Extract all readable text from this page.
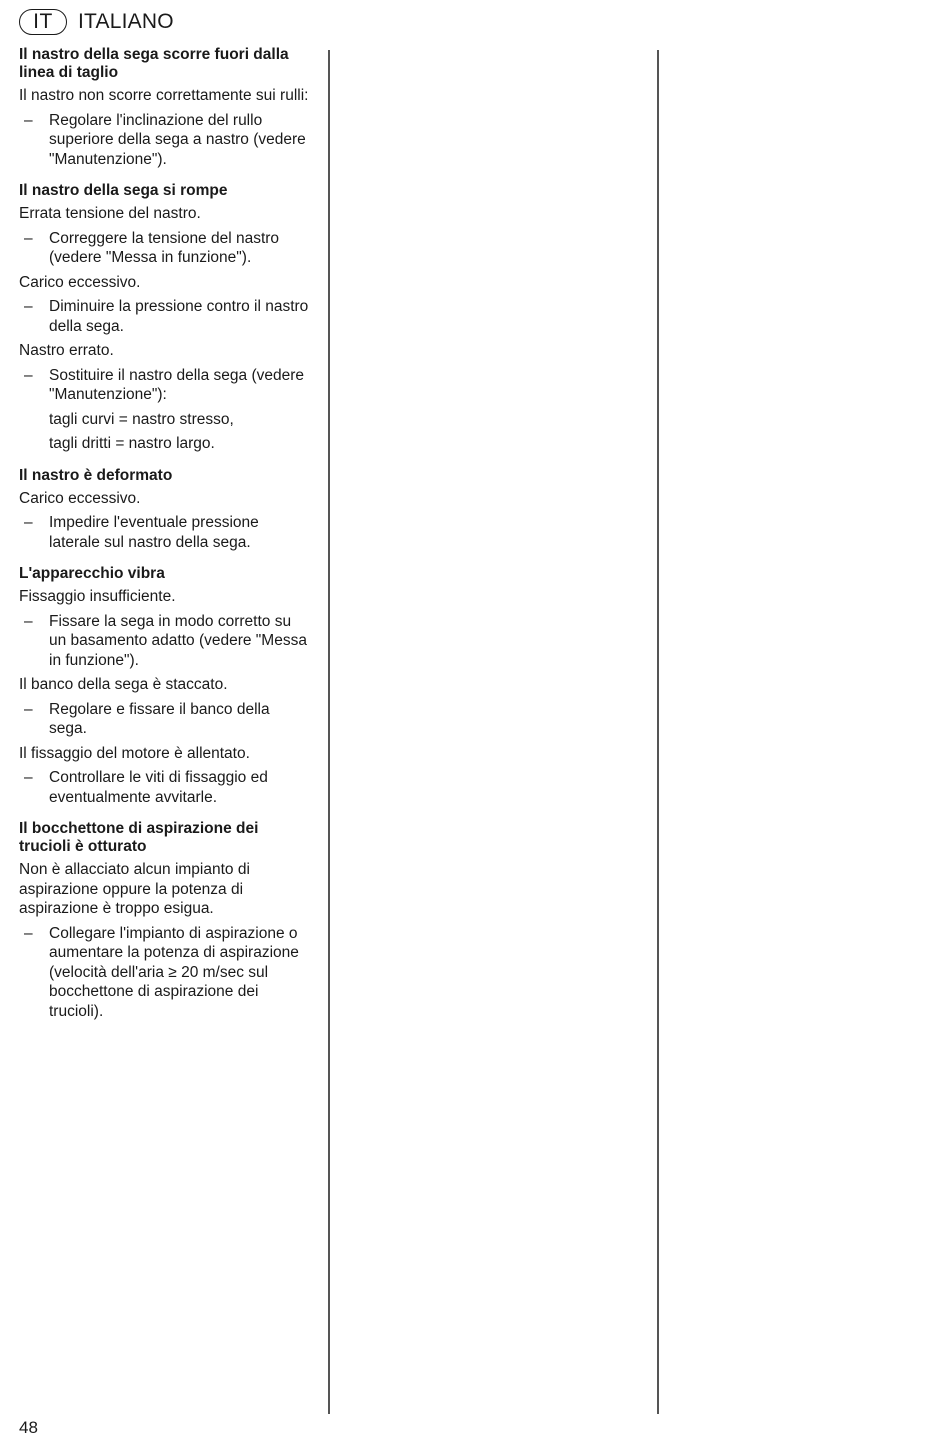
IT	ITALIANO
Il nastro della sega scorre fuori dalla linea di taglio
Il nastro non scorre correttamente sui rulli:
– Regolare l'inclinazione del rullo superiore della sega a nastro (vedere "Manutenzione").
Il nastro della sega si rompe
Errata tensione del nastro.
– Correggere la tensione del nastro (vedere "Messa in funzione").
Carico eccessivo.
– Diminuire la pressione contro il nastro della sega.
Nastro errato.
– Sostituire il nastro della sega (vedere "Manutenzione"):
tagli curvi = nastro stresso,
tagli dritti = nastro largo.
Il nastro è deformato
Carico eccessivo.
– Impedire l'eventuale pressione laterale sul nastro della sega.
L'apparecchio vibra
Fissaggio insufficiente.
– Fissare la sega in modo corretto su un basamento adatto (vedere "Messa in funzione").
Il banco della sega è staccato.
– Regolare e fissare il banco della sega.
Il fissaggio del motore è allentato.
– Controllare le viti di fissaggio ed eventualmente avvitarle.
Il bocchettone di aspirazione dei trucioli è otturato
Non è allacciato alcun impianto di aspirazione oppure la potenza di aspirazione è troppo esigua.
– Collegare l'impianto di aspirazione o aumentare la potenza di aspirazione (velocità dell'aria ≥ 20 m/sec sul bocchettone di aspirazione dei trucioli).
48
